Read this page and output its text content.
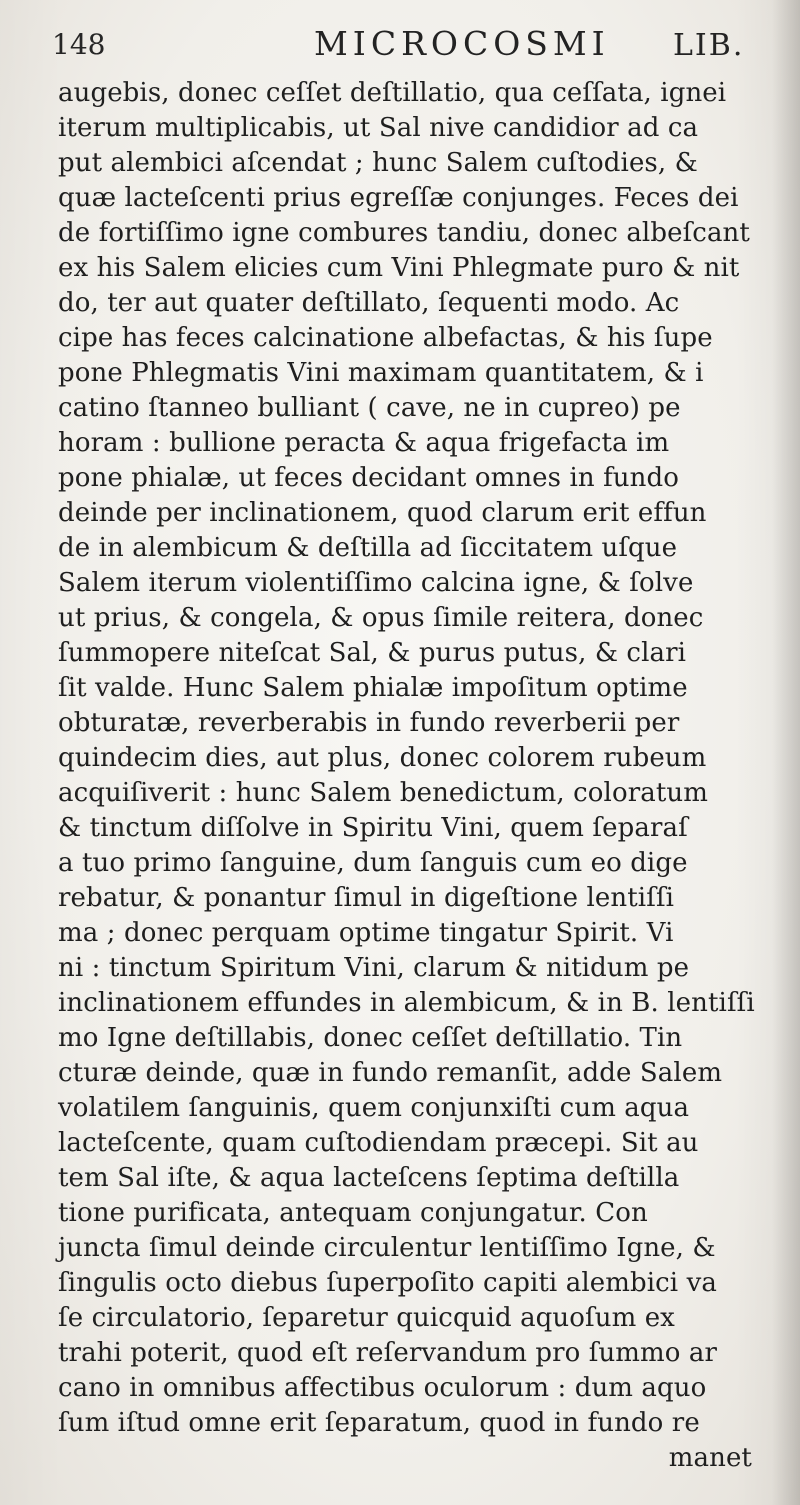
148	MICROCOSMI LIB.
augebis, donec ceſſet deſtillatio, qua ceſſata, ignei
iterum multiplicabis, ut Sal nive candidior ad ca
put alembici aſcendat ; hunc Salem cuſtodies, &
quæ lacteſcenti prius egreſſæ conjunges. Feces dei
de fortiſſimo igne combures tandiu, donec albeſcant
ex his Salem elicies cum Vini Phlegmate puro & nit
do, ter aut quater deſtillato, ſequenti modo. Ac
cipe has feces calcinatione albefactas, & his ſupe
pone Phlegmatis Vini maximam quantitatem, & i
catino ſtanneo bulliant ( cave, ne in cupreo) pe
horam : bullione peracta & aqua frigefacta im
pone phialæ, ut feces decidant omnes in fundo
deinde per inclinationem, quod clarum erit effun
de in alembicum & deſtilla ad ſiccitatem uſque
Salem iterum violentiſſimo calcina igne, & ſolve
ut prius, & congela, & opus ſimile reitera, donec
ſummopere niteſcat Sal, & purus putus, & clari
ſit valde. Hunc Salem phialæ impoſitum optime
obturatæ, reverberabis in fundo reverberii per
quindecim dies, aut plus, donec colorem rubeum
acquiſiverit : hunc Salem benedictum, coloratum
& tinctum diſſolve in Spiritu Vini, quem ſeparaſ
a tuo primo ſanguine, dum ſanguis cum eo dige
rebatur, & ponantur ſimul in digeſtione lentiſſi
ma ; donec perquam optime tingatur Spirit. Vi
ni : tinctum Spiritum Vini, clarum & nitidum pe
inclinationem effundes in alembicum, & in B. lentiſſi
mo Igne deſtillabis, donec ceſſet deſtillatio. Tin
cturæ deinde, quæ in fundo remanſit, adde Salem
volatilem ſanguinis, quem conjunxiſti cum aqua
lacteſcente, quam cuſtodiendam præcepi. Sit au
tem Sal iſte, & aqua lacteſcens ſeptima deſtilla
tione purificata, antequam conjungatur. Con
juncta ſimul deinde circulentur lentiſſimo Igne, &
ſingulis octo diebus ſuperpoſito capiti alembici va
ſe circulatorio, ſeparetur quicquid aquoſum ex
trahi poterit, quod eſt reſervandum pro ſummo ar
cano in omnibus affectibus oculorum : dum aquo
ſum iſtud omne erit ſeparatum, quod in fundo re
manet
